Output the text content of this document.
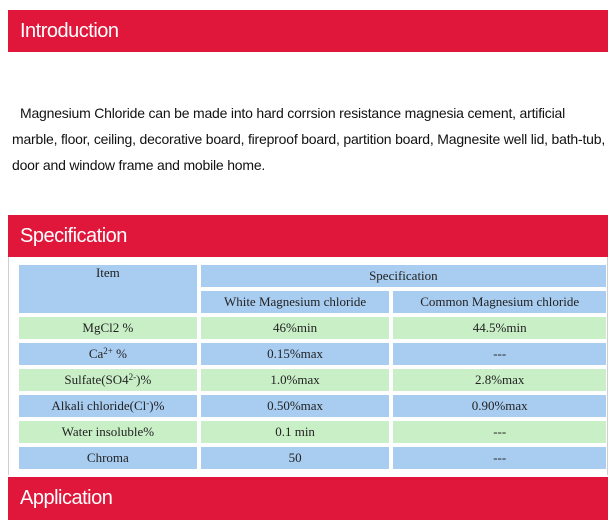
Introduction

Magnesium Chloride can be made into hard corrsion resistance magnesia cement, artificial marble, floor, ceiling, decorative board, fireproof board, partition board, Magnesite well lid, bath-tub, door and window frame and mobile home.

Specification
Item	Specification	
	White Magnesium chloride	Common Magnesium chloride
MgCl2 %	46%min	44.5%min
$Ca^{2+}$ %	0.15%max	---
$Sulfate(SO4^{2-})\%$	1.0%max	2.8%max
Alkali chloride(Cl-)%	0.50%max	0.90%max
Water insoluble%	0.1 min	---
Chroma	50	---
Application
